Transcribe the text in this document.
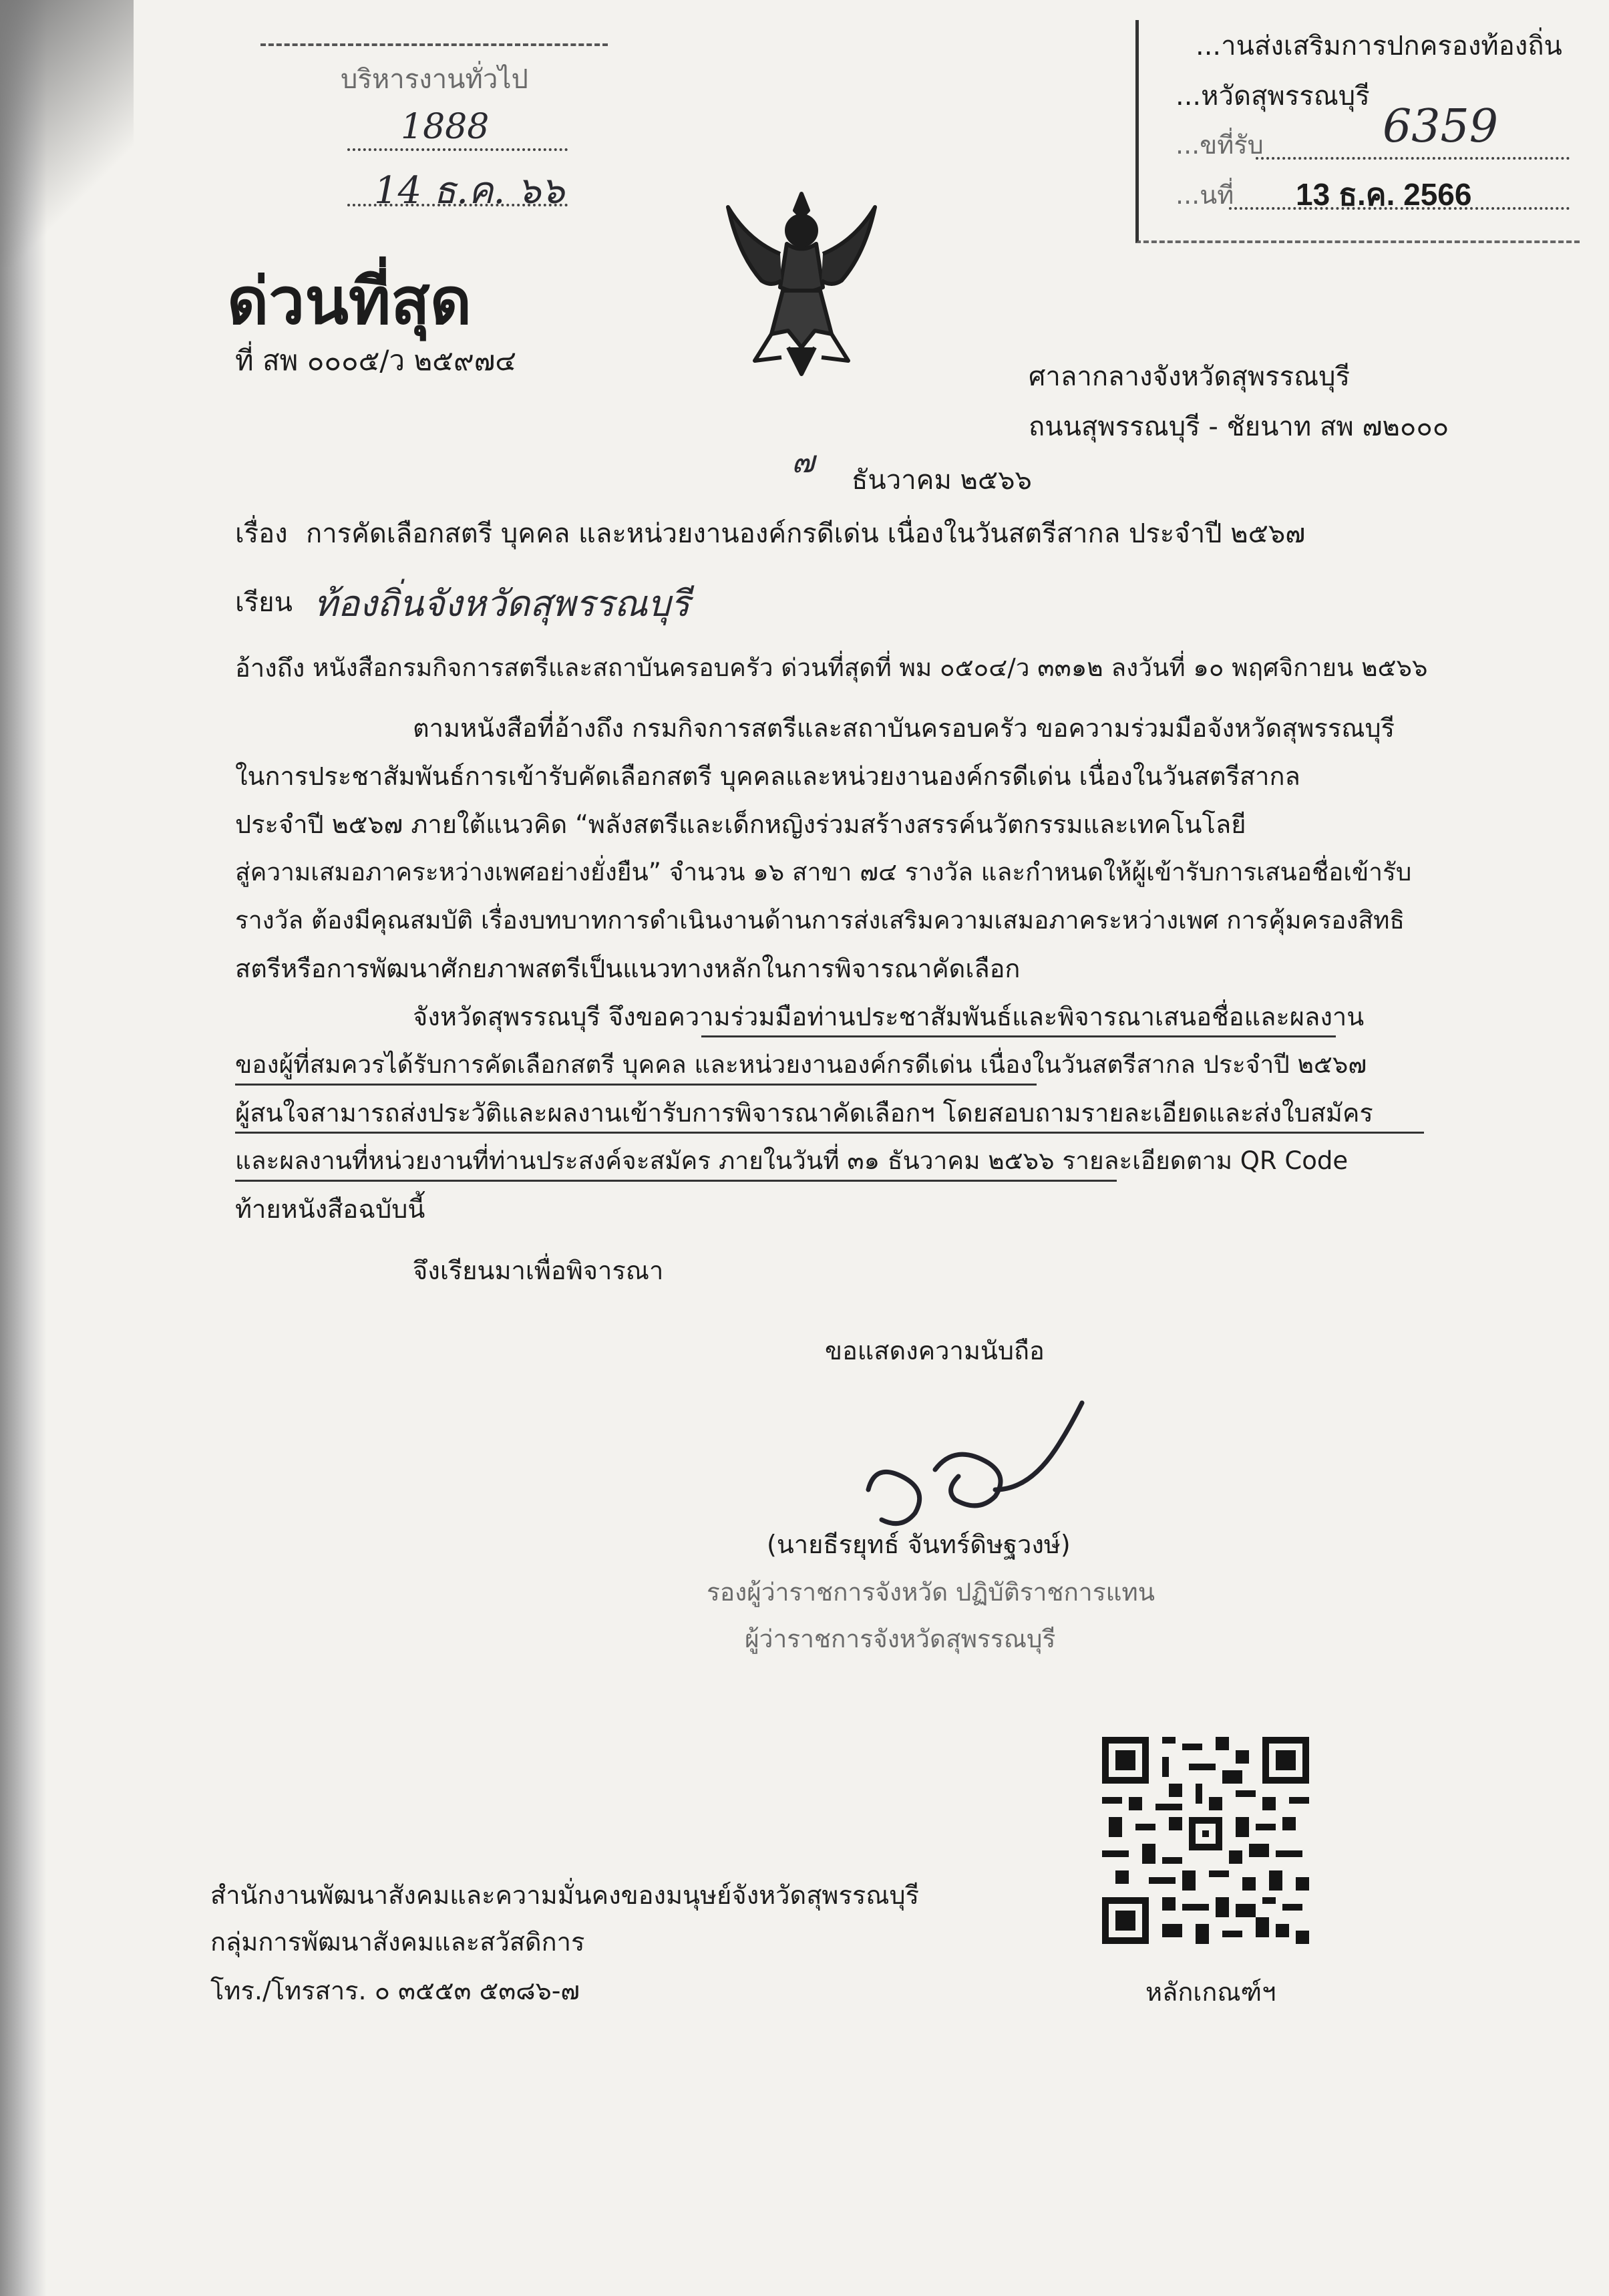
บริหารงานทั่วไป
1888
14 ธ.ค. ๖๖
...านส่งเสริมการปกครองท้องถิ่น
...หวัดสุพรรณบุรี
...ขที่รับ	6359
...นที่ 13 ธ.ค. 2566
ด่วนที่สุด
ที่ สพ ๐๐๐๕/ว ๒๕๙๗๔	ศาลากลางจังหวัดสุพรรณบุรี
ถนนสุพรรณบุรี - ชัยนาท สพ ๗๒๐๐๐
๗
ธันวาคม ๒๕๖๖
เรื่อง การคัดเลือกสตรี บุคคล และหน่วยงานองค์กรดีเด่น เนื่องในวันสตรีสากล ประจำปี ๒๕๖๗
เรียน ท้องถิ่นจังหวัดสุพรรณบุรี
อ้างถึง หนังสือกรมกิจการสตรีและสถาบันครอบครัว ด่วนที่สุดที่ พม ๐๕๐๔/ว ๓๓๑๒ ลงวันที่ ๑๐ พฤศจิกายน ๒๕๖๖
ตามหนังสือที่อ้างถึง กรมกิจการสตรีและสถาบันครอบครัว ขอความร่วมมือจังหวัดสุพรรณบุรี
ในการประชาสัมพันธ์การเข้ารับคัดเลือกสตรี บุคคลและหน่วยงานองค์กรดีเด่น เนื่องในวันสตรีสากล
ประจำปี ๒๕๖๗ ภายใต้แนวคิด “พลังสตรีและเด็กหญิงร่วมสร้างสรรค์นวัตกรรมและเทคโนโลยี
สู่ความเสมอภาคระหว่างเพศอย่างยั่งยืน” จำนวน ๑๖ สาขา ๗๔ รางวัล และกำหนดให้ผู้เข้ารับการเสนอชื่อเข้ารับ
รางวัล ต้องมีคุณสมบัติ เรื่องบทบาทการดำเนินงานด้านการส่งเสริมความเสมอภาคระหว่างเพศ การคุ้มครองสิทธิ
สตรีหรือการพัฒนาศักยภาพสตรีเป็นแนวทางหลักในการพิจารณาคัดเลือก
จังหวัดสุพรรณบุรี จึงขอความร่วมมือท่านประชาสัมพันธ์และพิจารณาเสนอชื่อและผลงาน
ของผู้ที่สมควรได้รับการคัดเลือกสตรี บุคคล และหน่วยงานองค์กรดีเด่น เนื่องในวันสตรีสากล ประจำปี ๒๕๖๗
ผู้สนใจสามารถส่งประวัติและผลงานเข้ารับการพิจารณาคัดเลือกฯ โดยสอบถามรายละเอียดและส่งใบสมัคร
และผลงานที่หน่วยงานที่ท่านประสงค์จะสมัคร ภายในวันที่ ๓๑ ธันวาคม ๒๕๖๖ รายละเอียดตาม QR Code
ท้ายหนังสือฉบับนี้
จึงเรียนมาเพื่อพิจารณา
ขอแสดงความนับถือ
(นายธีรยุทธ์ จันทร์ดิษฐวงษ์)
รองผู้ว่าราชการจังหวัด ปฏิบัติราชการแทน
ผู้ว่าราชการจังหวัดสุพรรณบุรี
หลักเกณฑ์ฯ
สำนักงานพัฒนาสังคมและความมั่นคงของมนุษย์จังหวัดสุพรรณบุรี
กลุ่มการพัฒนาสังคมและสวัสดิการ
โทร./โทรสาร. ๐ ๓๕๕๓ ๕๓๘๖-๗
